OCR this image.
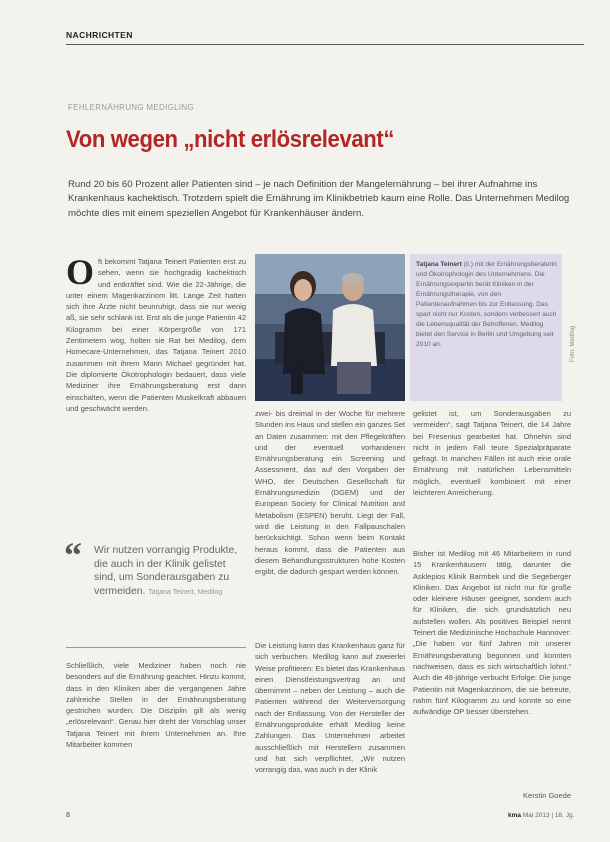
NACHRICHTEN
FEHLERNÄHRUNG MEDIGLING
Von wegen „nicht erlösrelevant“
Rund 20 bis 60 Prozent aller Patienten sind – je nach Definition der Mangelernährung – bei ihrer Aufnahme ins Krankenhaus kachektisch. Trotzdem spielt die Ernährung im Klinikbetrieb kaum eine Rolle. Das Unternehmen Medilog möchte dies mit einem speziellen Angebot für Krankenhäuser ändern.
Oft bekommt Tatjana Teinert Patienten erst zu sehen, wenn sie hochgradig kachektisch und entkräftet sind. Wie die 22-Jährige, die unter einem Magenkarzinom litt. Lange Zeit hatten sich ihre Ärzte nicht beunruhigt, dass sie nur wenig aß, sie sehr schlank ist. Erst als die junge Patientin 42 Kilogramm bei einer Körpergröße von 171 Zentimetern wog, holten sie Rat bei Medilog, dem Homecare-Unternehmen, das Tatjana Teinert 2010 zusammen mit ihrem Mann Michael gegründet hat. Die diplomierte Ökotrophologin bedauert, dass viele Mediziner ihre Ernährungsberatung erst dann einschalten, wenn die Patienten Muskelkraft abbauen und geschwächt werden.
“ Wir nutzen vorrangig Produkte, die auch in der Klinik gelistet sind, um Sonderausgaben zu vermeiden. Tatjana Teinert, Medilog
Schließlich, viele Mediziner haben noch nie besonders auf die Ernährung geachtet. Hinzu kommt, dass in den Kliniken aber die vergangenen Jahre zahlreiche Stellen in der Ernährungsberatung gestrichen wurden. Die Disziplin gilt als wenig „erlösrelevant“. Genau hier dreht der Vorschlag unser Tatjana Teinert mit ihrem Unternehmen an. Ihre Mitarbeiter kommen
Tatjana Teinert (li.) mit der Ernährungsberaterin und Ökotrophologin des Unternehmens. Die Ernährungsexpertin berät Kliniken in der Ernährungstherapie, von den Patientenaufnahmen bis zur Entlassung. Das spart nicht nur Kosten, sondern verbessert auch die Lebensqualität der Betroffenen. Medilog bietet den Service in Berlin und Umgebung seit 2010 an.	Foto: Medilog
zwei- bis dreimal in der Woche für mehrere Stunden ins Haus und stellen ein ganzes Set an Daten zusammen: mit den Pflegekräften und der eventuell vorhandenen Ernährungsberatung ein Screening und Assessment, das auf den Vorgaben der WHO, der Deutschen Gesellschaft für Ernährungsmedizin (DGEM) und der European Society for Clinical Nutrition and Metabolism (ESPEN) beruht. Liegt der Fall, wird die Leistung in den Fallpauschalen berücksichtigt. Schon wenn beim Kontakt heraus kommt, dass die Patienten aus diesem Behandlungsstrukturen hohe Kosten ergibt, die dadurch gespart werden können.
Die Leistung kann das Krankenhaus ganz für sich verbuchen. Medilog kann auf zweierlei Weise profitieren: Es bietet das Krankenhaus einen Dienstleistungsvertrag an und übernimmt – neben der Leistung – auch die Patienten während der Weiterversorgung nach der Entlassung. Von der Hersteller der Ernährungsprodukte erhält Medilog keine Zahlungen. Das Unternehmen arbeitet ausschließlich mit Herstellern zusammen und hat sich verpflichtet, „Wir nutzen vorrangig das, was auch in der Klinik
gelistet ist, um Sonderausgaben zu vermeiden“, sagt Tatjana Teinert, die 14 Jahre bei Fresenius gearbeitet hat. Ohnehin sind nicht in jedem Fall teure Spezialpräparate gefragt. In manchen Fällen ist auch eine orale Ernährung mit natürlichen Lebensmitteln möglich, eventuell kombiniert mit einer leichteren Anreicherung.
Bisher ist Medilog mit 46 Mitarbeitern in rund 15 Krankenhäusern tätig, darunter die Asklepios Klinik Barmbek und die Segeberger Kliniken. Das Angebot ist nicht nur für große oder kleinere Häuser geeignet, sondern auch für Kliniken, die sich grundsätzlich neu aufstellen wollen. Als positives Beispiel nennt Teinert die Medizinische Hochschule Hannover: „Die haben vor fünf Jahren mit unserer Ernährungsberatung begonnen und konnten nachweisen, dass es sich wirtschaftlich lohnt.“ Auch die 48-jährige verbucht Erfolge: Die junge Patientin mit Magenkarzinom, die sie betreute, nahm fünf Kilogramm zu und konnte so eine aufwändige OP besser überstehen.
Kerstin Goede
8	kma Mai 2013 | 18. Jg.
